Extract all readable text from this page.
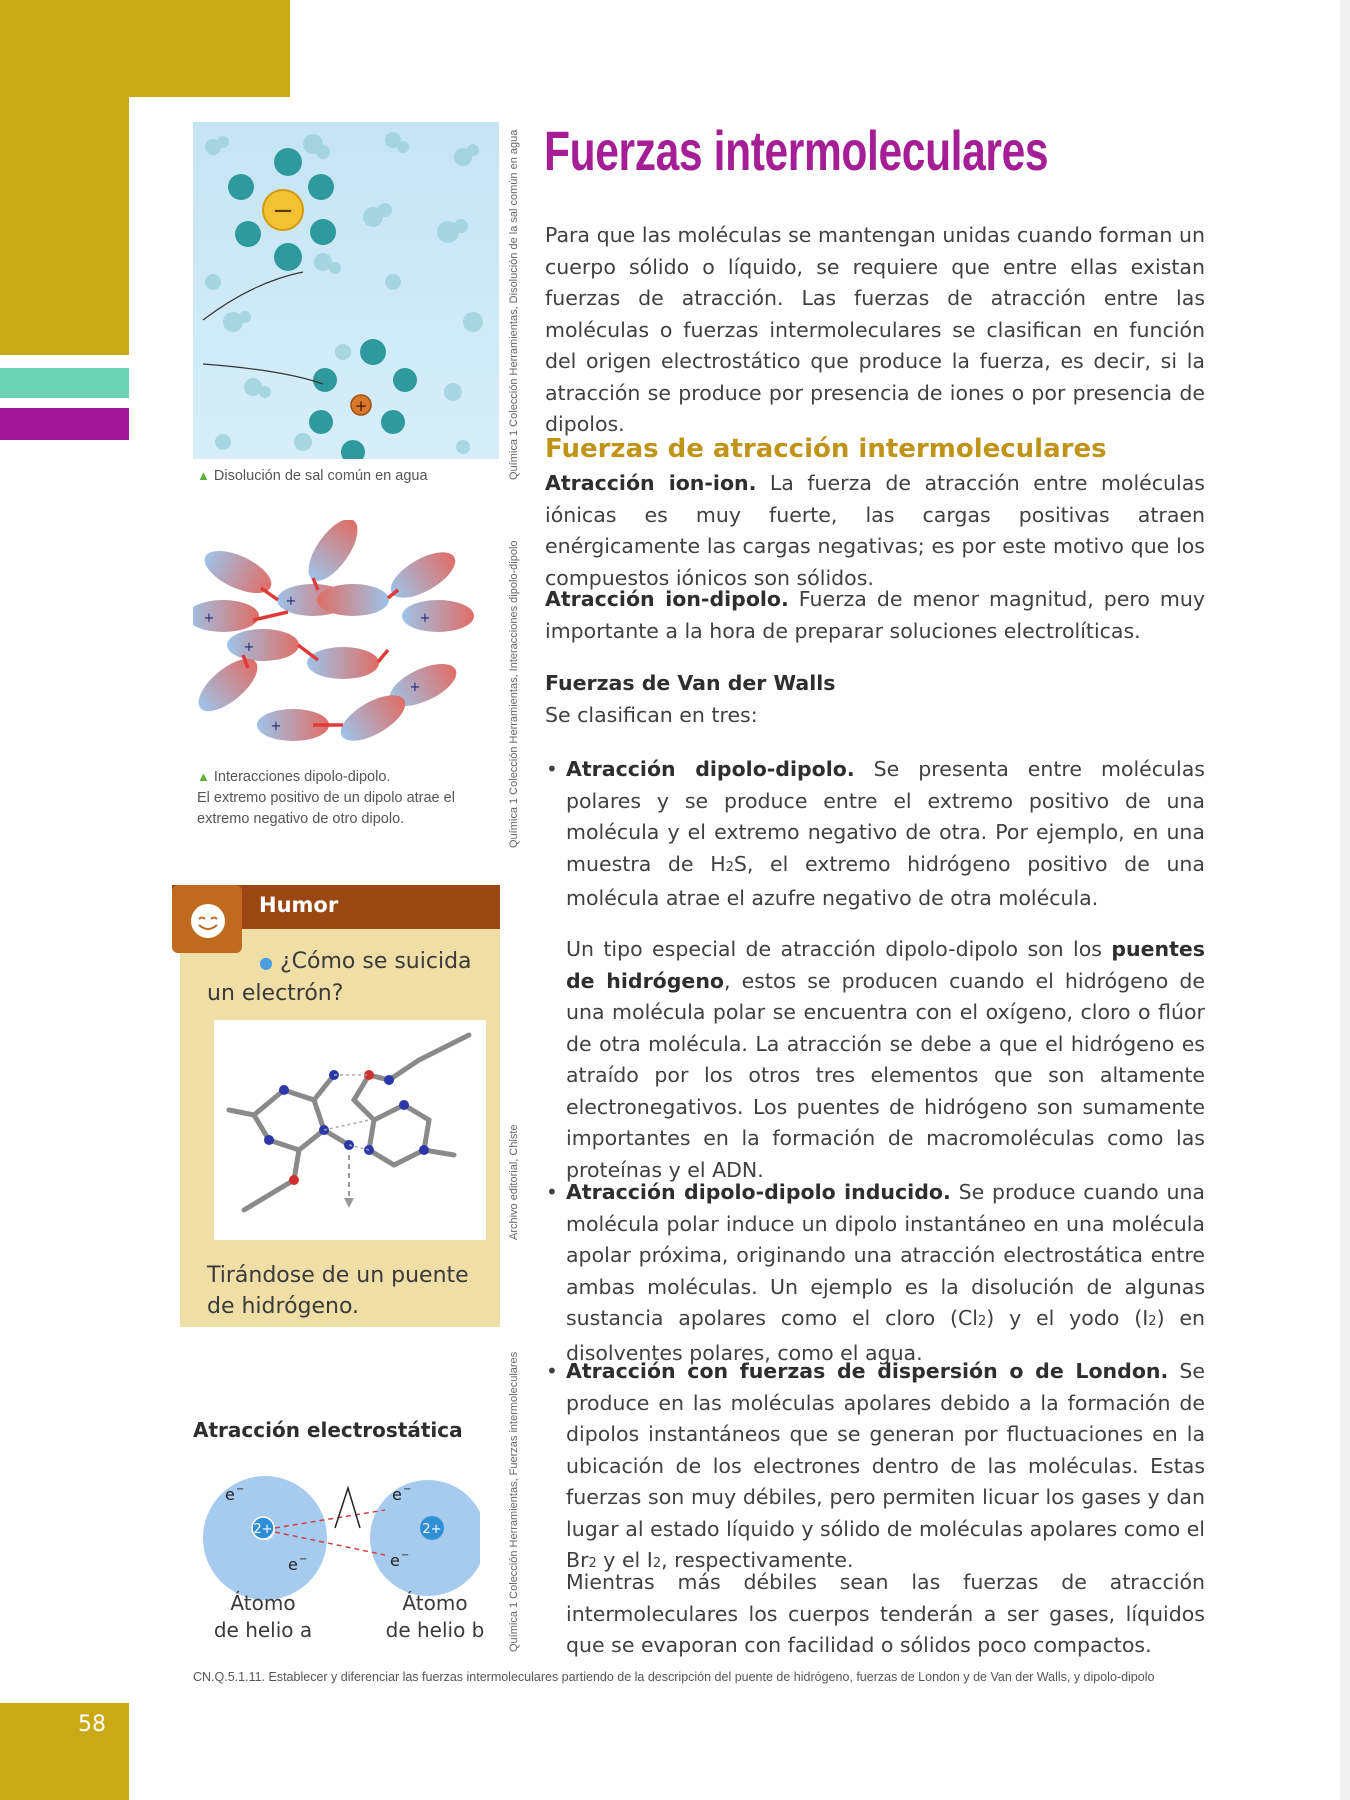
58
Fuerzas intermoleculares
Para que las moléculas se mantengan unidas cuando forman un cuerpo sólido o líquido, se requiere que entre ellas existan fuerzas de atracción. Las fuerzas de atracción entre las moléculas o fuerzas intermoleculares se clasifican en función del origen electrostático que produce la fuerza, es decir, si la atracción se produce por presencia de iones o por presencia de dipolos.
Fuerzas de atracción intermoleculares
Atracción ion-ion. La fuerza de atracción entre moléculas iónicas es muy fuerte, las cargas positivas atraen enérgicamente las cargas negativas; es por este motivo que los compuestos iónicos son sólidos.
Atracción ion-dipolo. Fuerza de menor magnitud, pero muy importante a la hora de preparar soluciones electrolíticas.
Fuerzas de Van der Walls
Se clasifican en tres:
• Atracción dipolo-dipolo. Se presenta entre moléculas polares y se produce entre el extremo positivo de una molécula y el extremo negativo de otra. Por ejemplo, en una muestra de H2S, el extremo hidrógeno positivo de una molécula atrae el azufre negativo de otra molécula.
Un tipo especial de atracción dipolo-dipolo son los puentes de hidrógeno, estos se producen cuando el hidrógeno de una molécula polar se encuentra con el oxígeno, cloro o flúor de otra molécula. La atracción se debe a que el hidrógeno es atraído por los otros tres elementos que son altamente electronegativos. Los puentes de hidrógeno son sumamente importantes en la formación de macromoléculas como las proteínas y el ADN.
• Atracción dipolo-dipolo inducido. Se produce cuando una molécula polar induce un dipolo instantáneo en una molécula apolar próxima, originando una atracción electrostática entre ambas moléculas. Un ejemplo es la disolución de algunas sustancia apolares como el cloro (Cl2) y el yodo (I2) en disolventes polares, como el agua.
• Atracción con fuerzas de dispersión o de London. Se produce en las moléculas apolares debido a la formación de dipolos instantáneos que se generan por fluctuaciones en la ubicación de los electrones dentro de las moléculas. Estas fuerzas son muy débiles, pero permiten licuar los gases y dan lugar al estado líquido y sólido de moléculas apolares como el Br2 y el I2, respectivamente.
Mientras más débiles sean las fuerzas de atracción intermoleculares los cuerpos tenderán a ser gases, líquidos que se evaporan con facilidad o sólidos poco compactos.
CN.Q.5.1.11. Establecer y diferenciar las fuerzas intermoleculares partiendo de la descripción del puente de hidrógeno, fuerzas de London y de Van der Walls, y dipolo-dipolo
Química 1 Colección Herramientas, Disolución de la sal común en agua
Química 1 Colección Herramientas, Interacciones dipolo-dipolo
Archivo editorial, Chiste
Química 1 Colección Herramientas, Fuerzas intermoleculares
−
+
▲ Disolución de sal común en agua
+
+
+
+
+
+
▲ Interacciones dipolo-dipolo.
El extremo positivo de un dipolo atrae el extremo negativo de otro dipolo.
Humor
● ¿Cómo se suicida un electrón?
Tirándose de un puente de hidrógeno.
Atracción electrostática
2+	2+
e −
e −
e −
e −
Átomo
de helio a
Átomo
de helio b
